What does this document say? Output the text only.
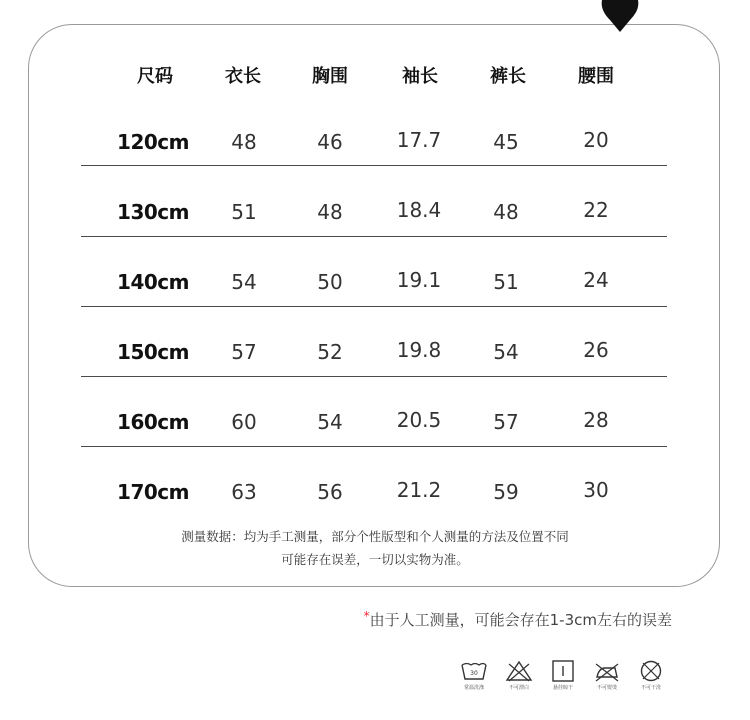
尺码	衣长	胸围	袖长	裤长	腰围
120cm 48	46	17.7	45	20
130cm 51	48	18.4	48	22
140cm 54	50	19.1	51	24
150cm 57	52	19.8	54	26
160cm 60	54	20.5	57	28
170cm 63	56	21.2	59	30
测量数据：均为手工测量，部分个性版型和个人测量的方法及位置不同
可能存在误差，一切以实物为准。
*由于人工测量，可能会存在1-3cm左右的误差
30
常温洗涤	不可漂白	悬挂晾干	不可熨烫	不可干洗
